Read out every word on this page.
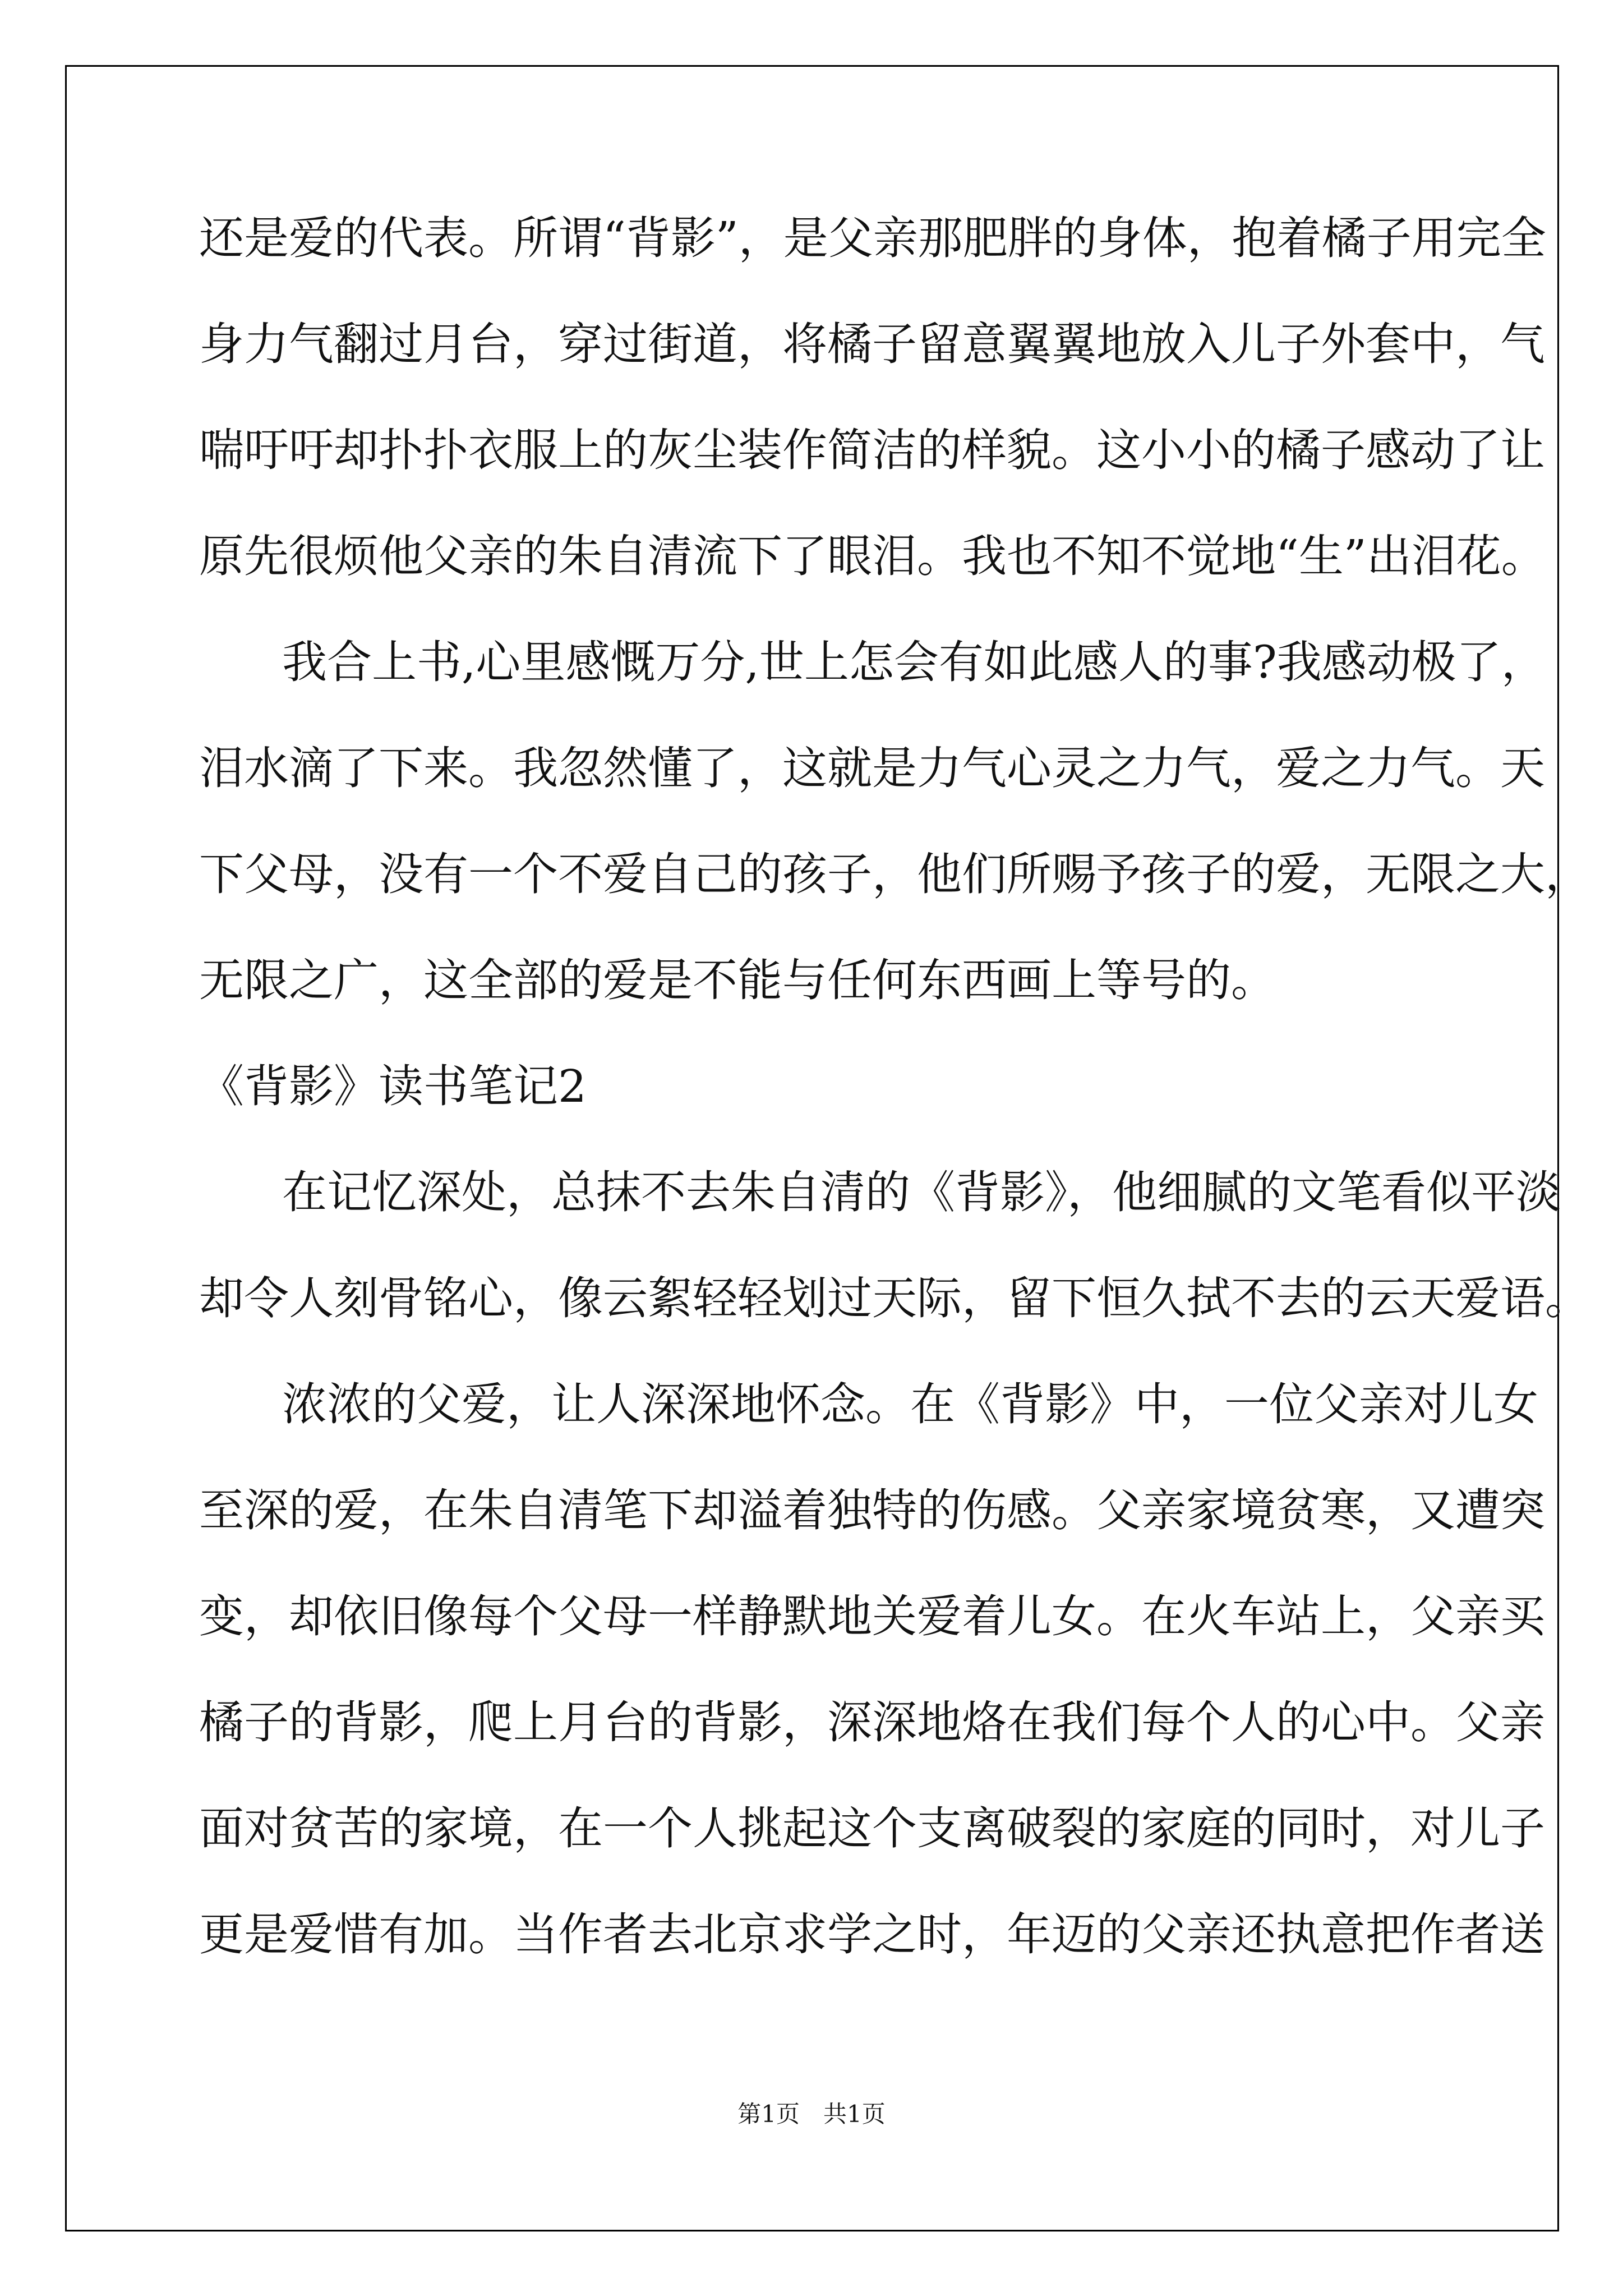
还是爱的代表。所谓“背影”，是父亲那肥胖的身体，抱着橘子用完全
身力气翻过月台，穿过街道，将橘子留意翼翼地放入儿子外套中，气
喘吁吁却扑扑衣服上的灰尘装作简洁的样貌。这小小的橘子感动了让
原先很烦他父亲的朱自清流下了眼泪。我也不知不觉地“生”出泪花。
我合上书,心里感慨万分,世上怎会有如此感人的事?我感动极了，
泪水滴了下来。我忽然懂了，这就是力气心灵之力气，爱之力气。天
下父母，没有一个不爱自己的孩子，他们所赐予孩子的爱，无限之大，
无限之广，这全部的爱是不能与任何东西画上等号的。
《背影》读书笔记2
在记忆深处，总抹不去朱自清的《背影》，他细腻的文笔看似平淡
却令人刻骨铭心，像云絮轻轻划过天际，留下恒久拭不去的云天爱语。
浓浓的父爱，让人深深地怀念。在《背影》中，一位父亲对儿女
至深的爱，在朱自清笔下却溢着独特的伤感。父亲家境贫寒，又遭突
变，却依旧像每个父母一样静默地关爱着儿女。在火车站上，父亲买
橘子的背影，爬上月台的背影，深深地烙在我们每个人的心中。父亲
面对贫苦的家境，在一个人挑起这个支离破裂的家庭的同时，对儿子
更是爱惜有加。当作者去北京求学之时，年迈的父亲还执意把作者送
第1页　共1页
